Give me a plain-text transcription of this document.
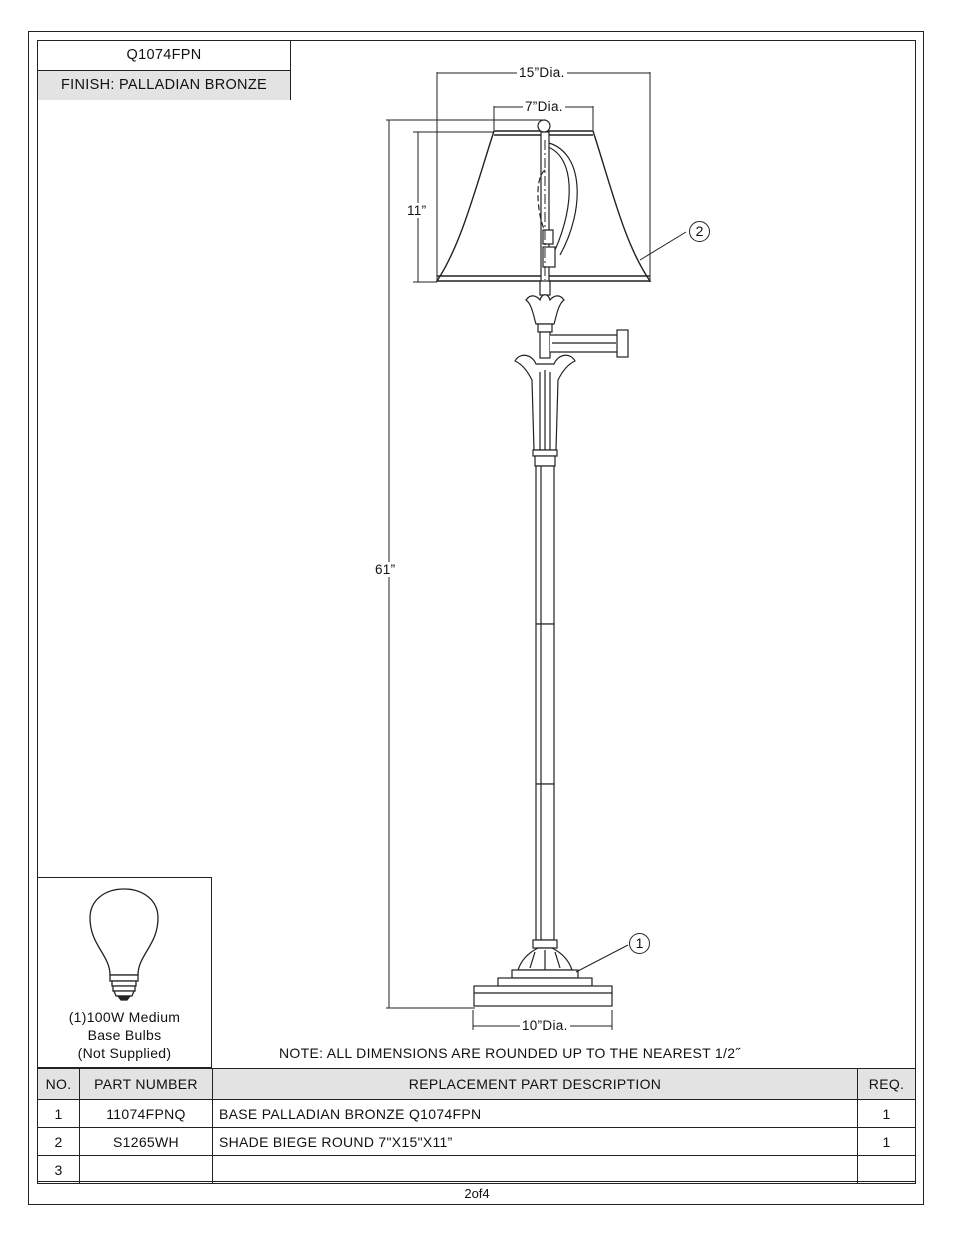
Q1074FPN
FINISH: PALLADIAN BRONZE
15”Dia.
7”Dia.
11”
61”
10”Dia.
2
1
(1)100W Medium
Base Bulbs
(Not Supplied)	NOTE: ALL DIMENSIONS ARE ROUNDED UP TO THE NEAREST 1/2˝
NO.	PART NUMBER	REPLACEMENT PART DESCRIPTION	REQ.
1	11074FPNQ	BASE PALLADIAN BRONZE Q1074FPN	1
2	S1265WH	SHADE BIEGE ROUND 7"X15"X11”	1
3			
2of4
